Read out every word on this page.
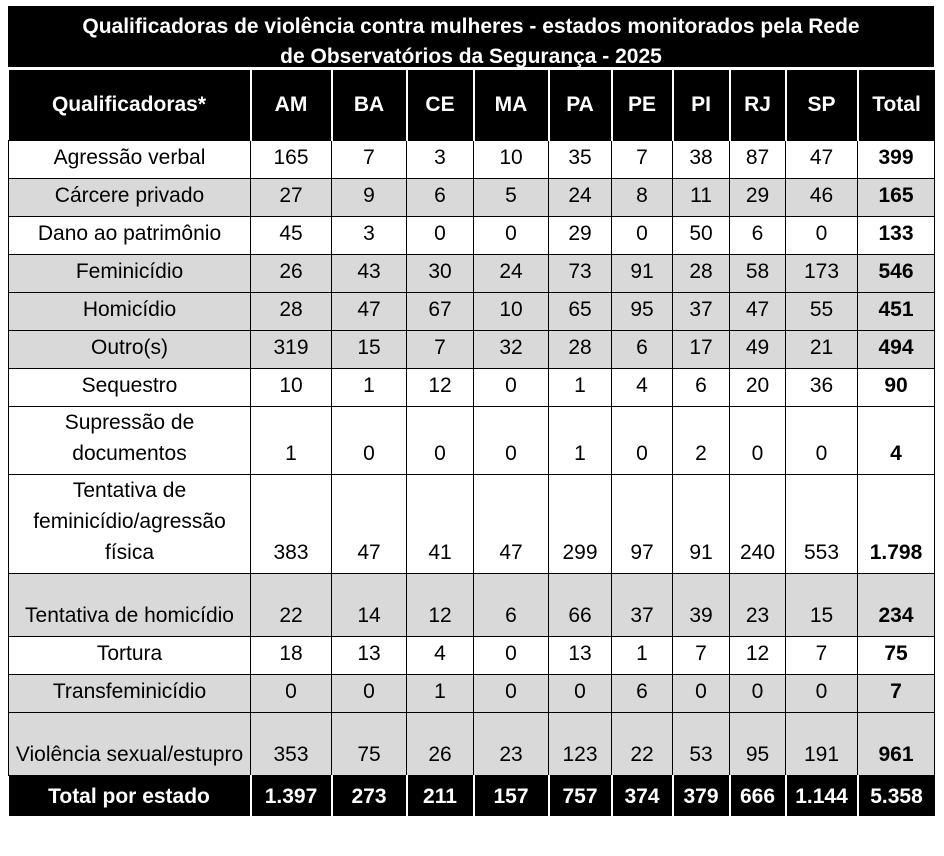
Qualificadoras de violência contra mulheres - estados monitorados pela Rede
de Observatórios da Segurança - 2025
Qualificadoras*	AM	BA	CE	MA	PA	PE	PI	RJ	SP	Total
Agressão verbal	165	7	3	10	35	7	38	87	47	399
Cárcere privado	27	9	6	5	24	8	11	29	46	165
Dano ao patrimônio	45	3	0	0	29	0	50	6	0	133
Feminicídio	26	43	30	24	73	91	28	58	173	546
Homicídio	28	47	67	10	65	95	37	47	55	451
Outro(s)	319	15	7	32	28	6	17	49	21	494
Sequestro	10	1	12	0	1	4	6	20	36	90
Supressão de documentos	1	0	0	0	1	0	2	0	0	4
Tentativa de feminicídio/agressão física	383	47	41	47	299	97	91	240	553	1.798
Tentativa de homicídio	22	14	12	6	66	37	39	23	15	234
Tortura	18	13	4	0	13	1	7	12	7	75
Transfeminicídio	0	0	1	0	0	6	0	0	0	7
Violência sexual/estupro	353	75	26	23	123	22	53	95	191	961
Total por estado	1.397	273	211	157	757	374	379	666	1.144	5.358
